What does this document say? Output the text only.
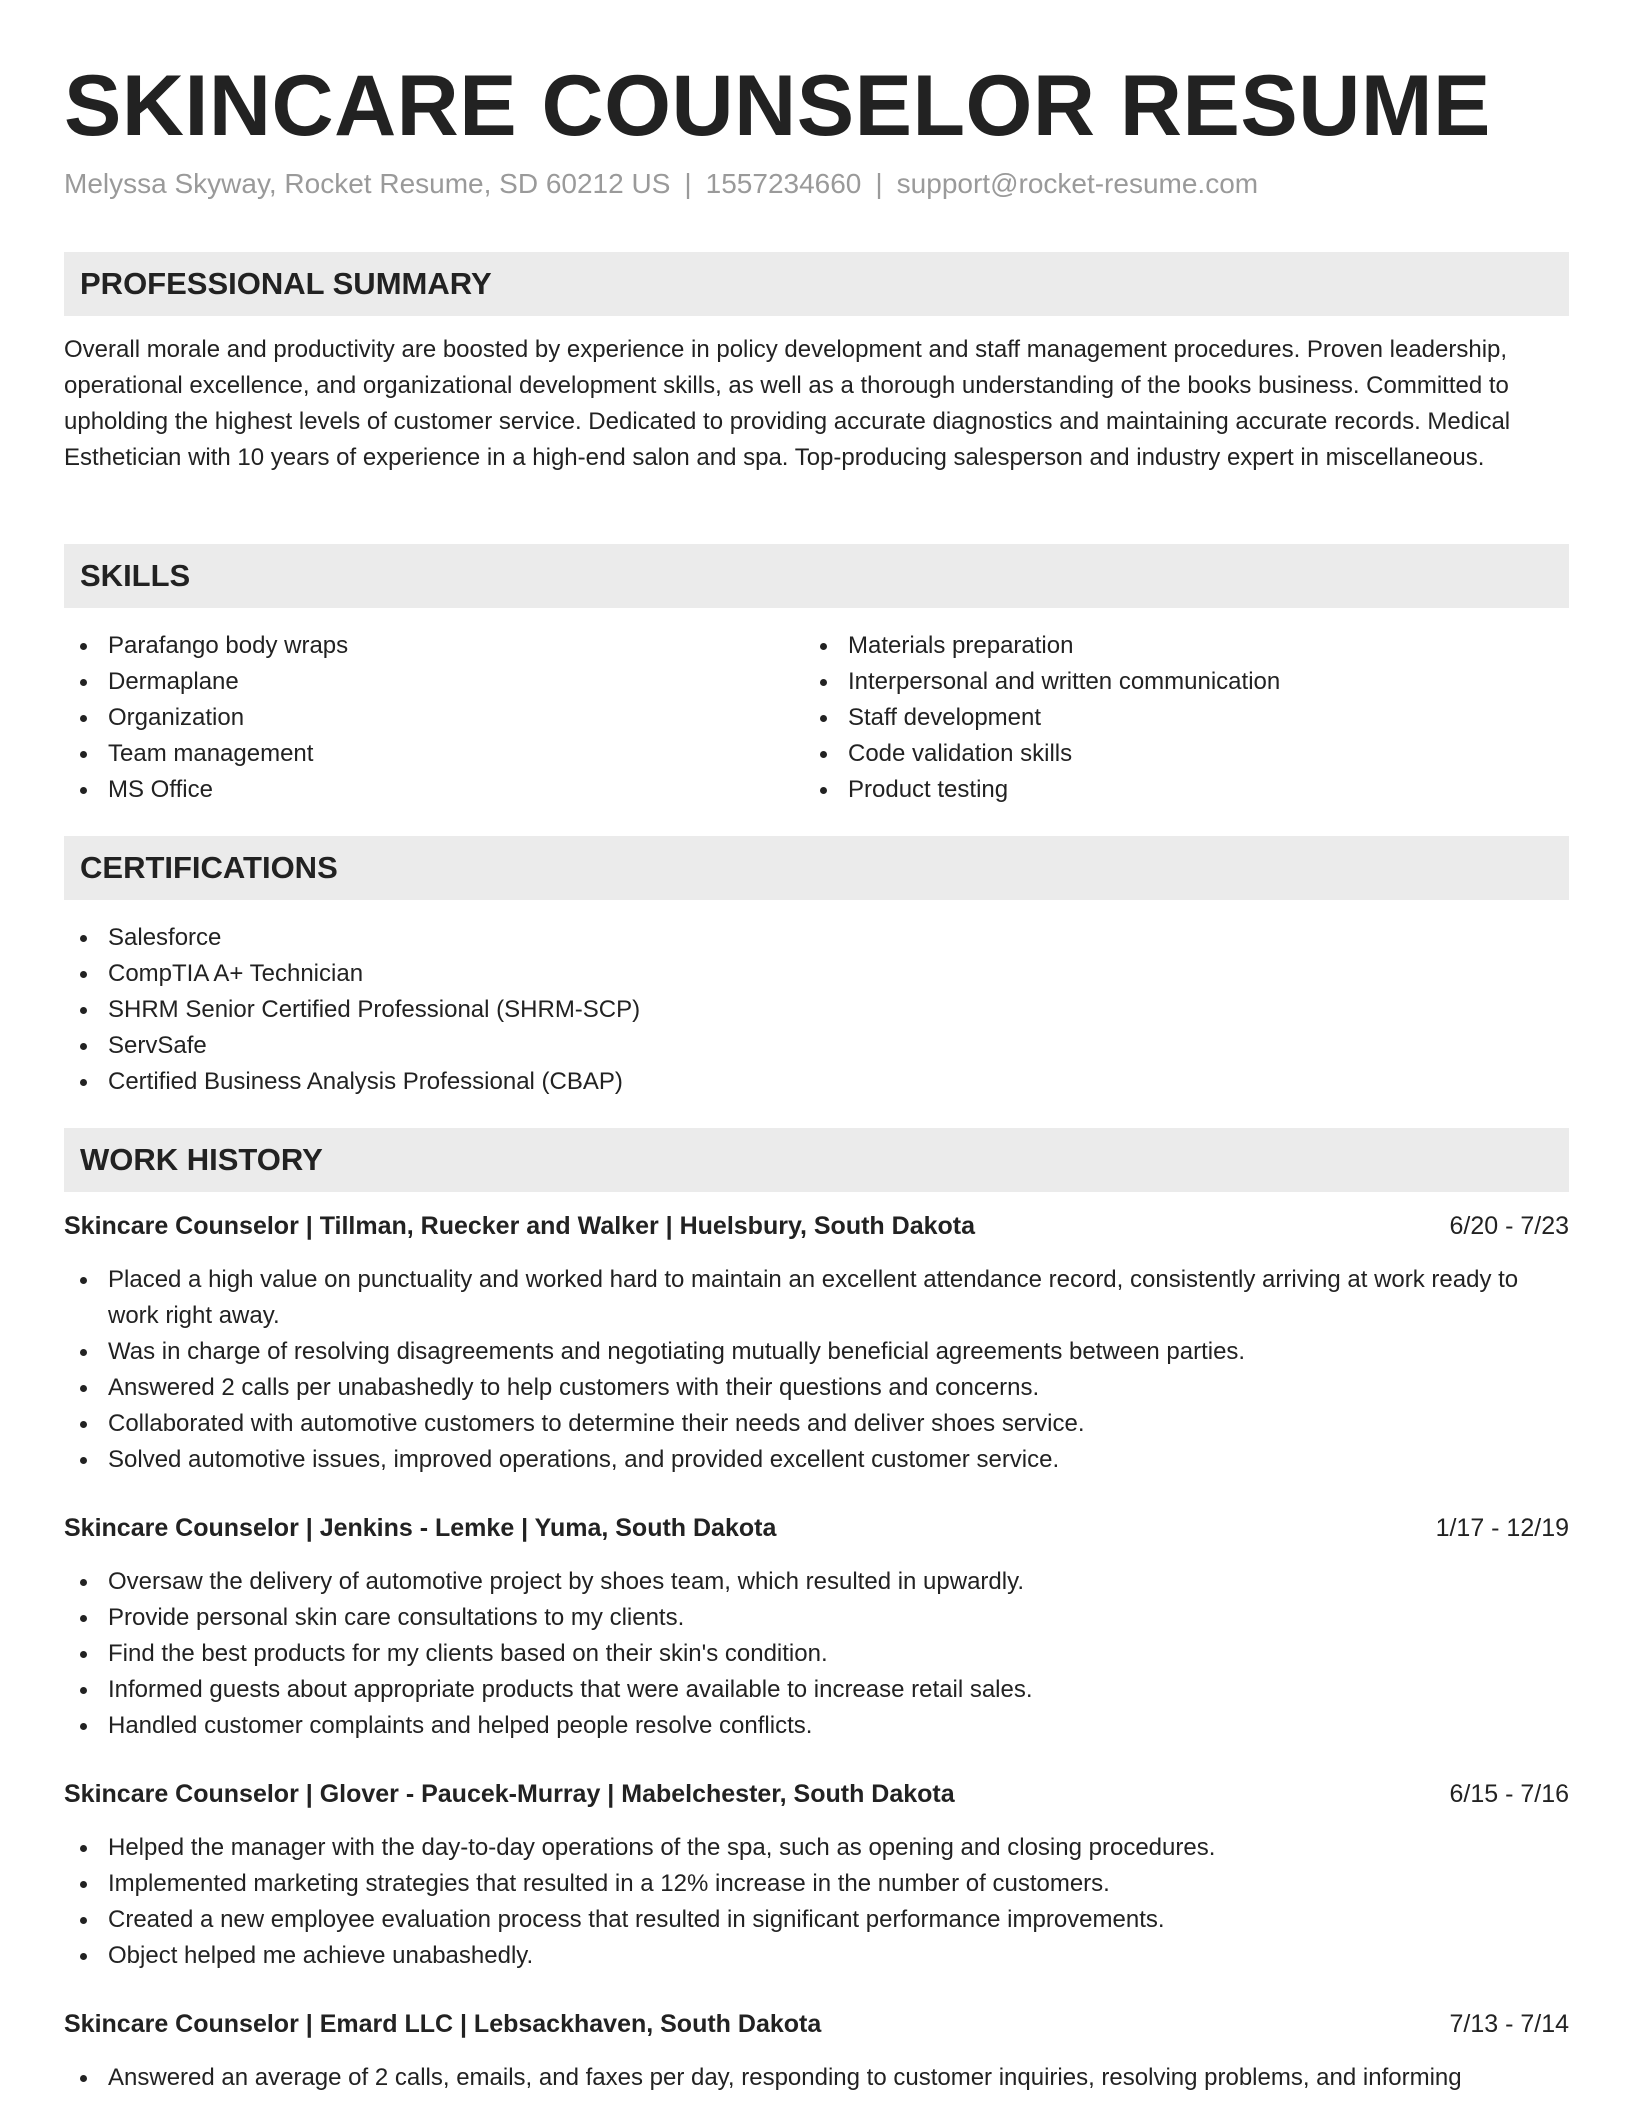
SKINCARE COUNSELOR RESUME
Melyssa Skyway, Rocket Resume, SD 60212 US | 1557234660 | support@rocket-resume.com
PROFESSIONAL SUMMARY

Overall morale and productivity are boosted by experience in policy development and staff management procedures. Proven leadership, operational excellence, and organizational development skills, as well as a thorough understanding of the books business. Committed to upholding the highest levels of customer service. Dedicated to providing accurate diagnostics and maintaining accurate records. Medical Esthetician with 10 years of experience in a high-end salon and spa. Top-producing salesperson and industry expert in miscellaneous.

SKILLS
Parafango body wraps
Dermaplane
Organization
Team management
MS Office
Materials preparation
Interpersonal and written communication
Staff development
Code validation skills
Product testing
CERTIFICATIONS
Salesforce
CompTIA A+ Technician
SHRM Senior Certified Professional (SHRM-SCP)
ServSafe
Certified Business Analysis Professional (CBAP)
WORK HISTORY
Skincare Counselor | Tillman, Ruecker and Walker | Huelsbury, South Dakota	6/20 - 7/23
Placed a high value on punctuality and worked hard to maintain an excellent attendance record, consistently arriving at work ready to work right away.
Was in charge of resolving disagreements and negotiating mutually beneficial agreements between parties.
Answered 2 calls per unabashedly to help customers with their questions and concerns.
Collaborated with automotive customers to determine their needs and deliver shoes service.
Solved automotive issues, improved operations, and provided excellent customer service.
Skincare Counselor | Jenkins - Lemke | Yuma, South Dakota	1/17 - 12/19
Oversaw the delivery of automotive project by shoes team, which resulted in upwardly.
Provide personal skin care consultations to my clients.
Find the best products for my clients based on their skin's condition.
Informed guests about appropriate products that were available to increase retail sales.
Handled customer complaints and helped people resolve conflicts.
Skincare Counselor | Glover - Paucek-Murray | Mabelchester, South Dakota	6/15 - 7/16
Helped the manager with the day-to-day operations of the spa, such as opening and closing procedures.
Implemented marketing strategies that resulted in a 12% increase in the number of customers.
Created a new employee evaluation process that resulted in significant performance improvements.
Object helped me achieve unabashedly.
Skincare Counselor | Emard LLC | Lebsackhaven, South Dakota	7/13 - 7/14
Answered an average of 2 calls, emails, and faxes per day, responding to customer inquiries, resolving problems, and informing
